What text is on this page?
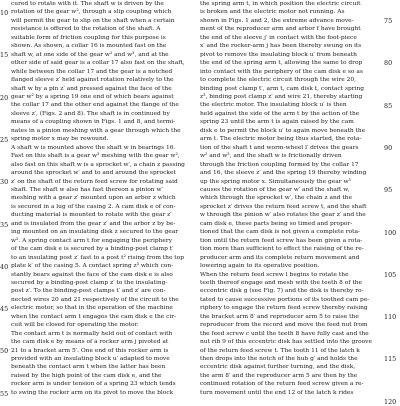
cured to rotate with it. The shaft w is driven by the
rotation of the gear w², through a slip coupling which
will permit the gear to slip on the shaft when a certain
resistance is offered to the rotation of the shaft. A
suitable form of friction coupling for this purpose is
shown. As shown, a collar 16 is mounted fast on the
shaft w, at one side of the gear w² and w³, and at the
other side of said gear is a collar 17 also fast on the shaft,
while between the collar 17 and the gear is a notched
flanged sleeve z′ held against rotation relatively to the
shaft w by a pin z′ and pressed against the face of the
gear w² by a spring 19 one end of which bears against
the collar 17 and the other end against the flange of the
sleeve z′, (Figs. 2 and 8). The shaft is in continued by
means of a coupling shown in Figs. 1 and 8, and termi-
nates in a pinion meshing with a gear through which the
spring motor x may be rewound.
A shaft w is mounted above the shaft w in bearings 16.
Fast on this shaft is a gear w³ meshing with the gear w²,
also fast on this shaft w is a sprocket w′, a chain z passing
around the sprocket w′ and to and around the sprocket
z′ on the shaft of the return feed screw for rotating said
shaft. The shaft w also has fast thereon a pinion w′
meshing with a gear z′ mounted upon an arbor z which
is secured in a lug of the casing 2. A cam disk e of con-
ducting material is mounted to rotate with the gear z′
and is insulated from the gear z′ and the arbor z by be-
ing mounted on an insulating disk z secured to the gear
w². A spring contact arm t for engaging the periphery
of the cam disk e is secured by a binding-post clamp t′
to an insulating post z′ fast to a post t² rising from the top
plate k′ of the casing 5. A contact spring z³ which con-
stantly bears against the face of the cam disk e is also
secured by a binding-post clamp z′ to the insulating-
post z′. To the binding-post clamps t′ and z′ are con-
nected wires 20 and 21 respectively of the circuit to the
electric motor, so that in the operation of the machine
when the contact arm t engages the cam disk e the cir-
cuit will be closed for operating the motor.
The contact arm t is normally held out of contact with
the cam disk e by means of a rocker arm j pivoted at
21 to a bracket arm 5′. One end of this rocker arm is
provided with an insulating block u′ adapted to move
beneath the contact arm t when the latter has been
raised by the high point of the cam disk e, and the
rocker arm is under tension of a spring 23 which tends
to swing the rocker arm on its pivot to move the block
the spring arm t, in which position the electric circuit
is broken and the electric motor not running. As
shown in Figs. 1 and 2, the extreme advance move-
ment of the reproducer arm and arbor f have brought
the end of the sleeve j′ in contact with the foot-piece
x′ and the rocker-arm j has been thereby swung on its
pivot to remove the insulating block u′ from beneath
the end of the spring arm t, allowing the same to drop
into contact with the periphery of the cam disk e so as
to complete the electric circuit through the wire 20,
binding post clamp t′, arm t, cam disk t, contact spring
z³, binding post clamp z′ and wire 21, thereby starting
the electric motor. The insulating block u′ is then
held against the side of the arm t by the action of the
spring 23 until the arm t is again raised by the cam
disk e to permit the block u′ to again move beneath the
arm t. The electric motor being thus started, the rota-
tion of the shaft t and worm-wheel l′ drives the gears
w² and w³, and the shaft w is frictionally driven
through the friction coupling formed by the collar 17
and 16, the sleeve z′ and the spring 19 thereby winding
up the spring motor x. Simultaneously the gear w³
causes the rotation of the gear w′ and the shaft w,
which through the sprocket w′, the chain z and the
sprocket z′ drives the return feed screw t, and the shaft
w through the pinion w′ also rotates the gear z′ and the
cam disk e, these parts being so timed and propor-
tioned that the cam disk is not given a complete rota-
tion until the return feed screw has been given a rota-
tion more than sufficient to effect the raising of the re-
producer arm and its complete return movement and
lowering again to its operative position.
When the return feed screw l begins to rotate the
teeth thereof engage and mesh with the teeth 8 of the
eccentric disk g (see Fig. 7) and the disk is thereby ro-
tated to cause successive portions of its toothed cam pe-
riphery to engage the return feed screw thereby raising
the bracket arm 8′ and reproducer arm 5 to raise the
reproducer from the record and move the feed nut from
the feed screw c until the teeth 8 have fully cast and the
nut rib 9 of this eccentric disk has settled into the groove
of the return feed screw t. The tooth 11 of the latch k
then drops into the notch of the hub g′ and holds the
eccentric disk against further turning, and the disk,
the arm 8′ and the reproducer arm 5 are then by the
continued rotation of the return feed screw given a re-
turn movement until the end 12 of the latch k rides
10
15
20
25
30
35
40
45
50
55
75
80
85
90
95
100
105
110
115
120
